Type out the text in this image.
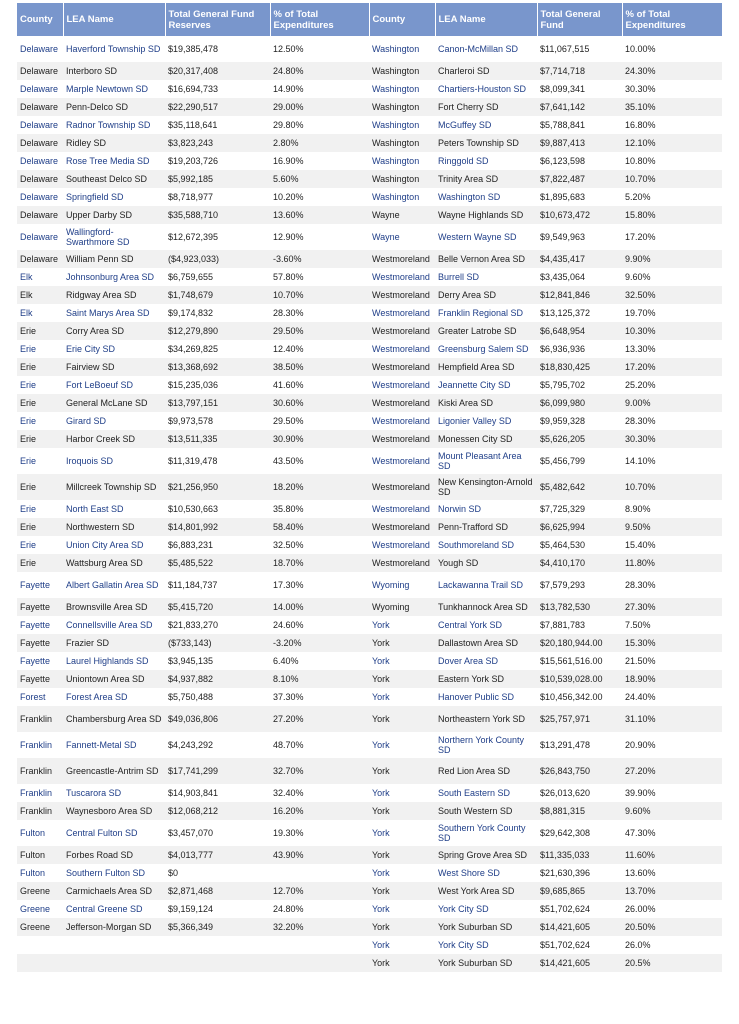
County	LEA Name	Total General Fund Reserves	% of Total Expenditures	County	LEA Name	Total General Fund	% of Total Expenditures
Delaware	Haverford Township SD	$19,385,478	12.50%	Washington	Canon-McMillan SD	$11,067,515	10.00%
Delaware	Interboro SD	$20,317,408	24.80%	Washington	Charleroi SD	$7,714,718	24.30%
Delaware	Marple Newtown SD	$16,694,733	14.90%	Washington	Chartiers-Houston SD	$8,099,341	30.30%
Delaware	Penn-Delco SD	$22,290,517	29.00%	Washington	Fort Cherry SD	$7,641,142	35.10%
Delaware	Radnor Township SD	$35,118,641	29.80%	Washington	McGuffey SD	$5,788,841	16.80%
Delaware	Ridley SD	$3,823,243	2.80%	Washington	Peters Township SD	$9,887,413	12.10%
Delaware	Rose Tree Media SD	$19,203,726	16.90%	Washington	Ringgold SD	$6,123,598	10.80%
Delaware	Southeast Delco SD	$5,992,185	5.60%	Washington	Trinity Area SD	$7,822,487	10.70%
Delaware	Springfield SD	$8,718,977	10.20%	Washington	Washington SD	$1,895,683	5.20%
Delaware	Upper Darby SD	$35,588,710	13.60%	Wayne	Wayne Highlands SD	$10,673,472	15.80%
Delaware	Wallingford-Swarthmore SD	$12,672,395	12.90%	Wayne	Western Wayne SD	$9,549,963	17.20%
Delaware	William Penn SD	($4,923,033)	-3.60%	Westmoreland	Belle Vernon Area SD	$4,435,417	9.90%
Elk	Johnsonburg Area SD	$6,759,655	57.80%	Westmoreland	Burrell SD	$3,435,064	9.60%
Elk	Ridgway Area SD	$1,748,679	10.70%	Westmoreland	Derry Area SD	$12,841,846	32.50%
Elk	Saint Marys Area SD	$9,174,832	28.30%	Westmoreland	Franklin Regional SD	$13,125,372	19.70%
Erie	Corry Area SD	$12,279,890	29.50%	Westmoreland	Greater Latrobe SD	$6,648,954	10.30%
Erie	Erie City SD	$34,269,825	12.40%	Westmoreland	Greensburg Salem SD	$6,936,936	13.30%
Erie	Fairview SD	$13,368,692	38.50%	Westmoreland	Hempfield Area SD	$18,830,425	17.20%
Erie	Fort LeBoeuf SD	$15,235,036	41.60%	Westmoreland	Jeannette City SD	$5,795,702	25.20%
Erie	General McLane SD	$13,797,151	30.60%	Westmoreland	Kiski Area SD	$6,099,980	9.00%
Erie	Girard SD	$9,973,578	29.50%	Westmoreland	Ligonier Valley SD	$9,959,328	28.30%
Erie	Harbor Creek SD	$13,511,335	30.90%	Westmoreland	Monessen City SD	$5,626,205	30.30%
Erie	Iroquois SD	$11,319,478	43.50%	Westmoreland	Mount Pleasant Area SD	$5,456,799	14.10%
Erie	Millcreek Township SD	$21,256,950	18.20%	Westmoreland	New Kensington-Arnold SD	$5,482,642	10.70%
Erie	North East SD	$10,530,663	35.80%	Westmoreland	Norwin SD	$7,725,329	8.90%
Erie	Northwestern SD	$14,801,992	58.40%	Westmoreland	Penn-Trafford SD	$6,625,994	9.50%
Erie	Union City Area SD	$6,883,231	32.50%	Westmoreland	Southmoreland SD	$5,464,530	15.40%
Erie	Wattsburg Area SD	$5,485,522	18.70%	Westmoreland	Yough SD	$4,410,170	11.80%
Fayette	Albert Gallatin Area SD	$11,184,737	17.30%	Wyoming	Lackawanna Trail SD	$7,579,293	28.30%
Fayette	Brownsville Area SD	$5,415,720	14.00%	Wyoming	Tunkhannock Area SD	$13,782,530	27.30%
Fayette	Connellsville Area SD	$21,833,270	24.60%	York	Central York SD	$7,881,783	7.50%
Fayette	Frazier SD	($733,143)	-3.20%	York	Dallastown Area SD	$20,180,944.00	15.30%
Fayette	Laurel Highlands SD	$3,945,135	6.40%	York	Dover Area SD	$15,561,516.00	21.50%
Fayette	Uniontown Area SD	$4,937,882	8.10%	York	Eastern York SD	$10,539,028.00	18.90%
Forest	Forest Area SD	$5,750,488	37.30%	York	Hanover Public SD	$10,456,342.00	24.40%
Franklin	Chambersburg Area SD	$49,036,806	27.20%	York	Northeastern York SD	$25,757,971	31.10%
Franklin	Fannett-Metal SD	$4,243,292	48.70%	York	Northern York County SD	$13,291,478	20.90%
Franklin	Greencastle-Antrim SD	$17,741,299	32.70%	York	Red Lion Area SD	$26,843,750	27.20%
Franklin	Tuscarora SD	$14,903,841	32.40%	York	South Eastern SD	$26,013,620	39.90%
Franklin	Waynesboro Area SD	$12,068,212	16.20%	York	South Western SD	$8,881,315	9.60%
Fulton	Central Fulton SD	$3,457,070	19.30%	York	Southern York County SD	$29,642,308	47.30%
Fulton	Forbes Road SD	$4,013,777	43.90%	York	Spring Grove Area SD	$11,335,033	11.60%
Fulton	Southern Fulton SD	$0		York	West Shore SD	$21,630,396	13.60%
Greene	Carmichaels Area SD	$2,871,468	12.70%	York	West York Area SD	$9,685,865	13.70%
Greene	Central Greene SD	$9,159,124	24.80%	York	York City SD	$51,702,624	26.00%
Greene	Jefferson-Morgan SD	$5,366,349	32.20%	York	York Suburban SD	$14,421,605	20.50%
				York	York City SD	$51,702,624	26.0%
				York	York Suburban SD	$14,421,605	20.5%
